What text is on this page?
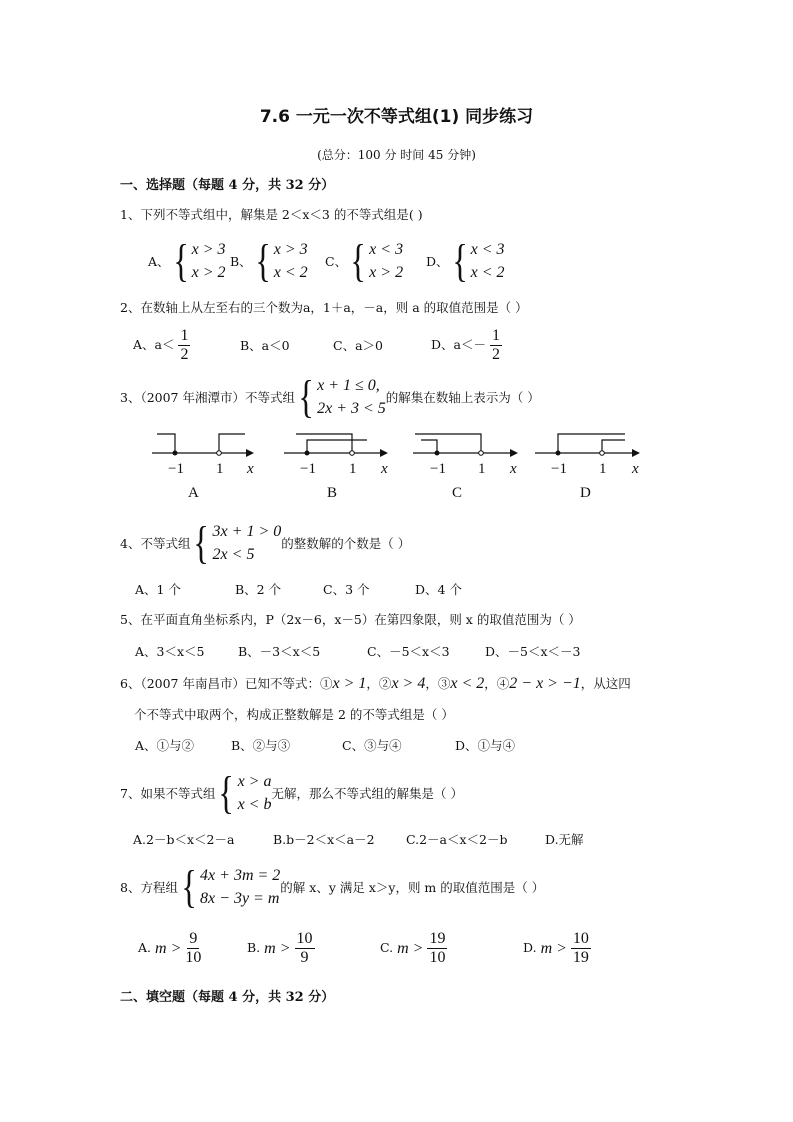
7.6 一元一次不等式组(1) 同步练习
(总分：100 分 时间 45 分钟)
一、选择题（每题 4 分，共 32 分）
1、下列不等式组中，解集是 2＜x＜3 的不等式组是( )
A、 { x > 3
x > 2
B、 { x > 3
x < 2
C、 { x < 3
x > 2
D、 { x < 3
x < 2
2、在数轴上从左至右的三个数为a，1＋a，－a，则 a 的取值范围是（ ）
A、$a< \frac{1}{2}$	B、a＜0	C、a＞0	D、$a<- \frac{1}{2}$
3、（2007 年湘潭市）不等式组 { x + 1 ≤ 0,
2x + 3 < 5
的解集在数轴上表示为（ ）
−1 1 x	−1 1 x	−1 1 x −1 1 x
A	B	C	D
4、不等式组 { 3x + 1 > 0
2x < 5
的整数解的个数是（ ）
A、1 个	B、2 个	C、3 个	D、4 个
5、在平面直角坐标系内，P（2x－6，x－5）在第四象限，则 x 的取值范围为（ ）
A、3＜x＜5	B、－3＜x＜5	C、－5＜x＜3	D、－5＜x＜－3
6、（2007 年南昌市）已知不等式：①x > 1，②x > 4，③x < 2，④2 − x > −1，从这四
个不等式中取两个，构成正整数解是 2 的不等式组是（ ）
A、①与②	B、②与③	C、③与④	D、①与④
7、如果不等式组 { x > a
x < b
无解，那么不等式组的解集是（ ）
A.2－b＜x＜2－a	B.b－2＜x＜a－2	C.2－a＜x＜2－b	D.无解
8、方程组 { 4x + 3m = 2
8x − 3y = m
的解 x、y 满足 x＞y，则 m 的取值范围是（ ）
A. $m > \frac{9}{10}$	B. $m > \frac{10}{9}$	C. $m > \frac{19}{10}$	D. $m > \frac{10}{19}$
二、填空题（每题 4 分，共 32 分）
